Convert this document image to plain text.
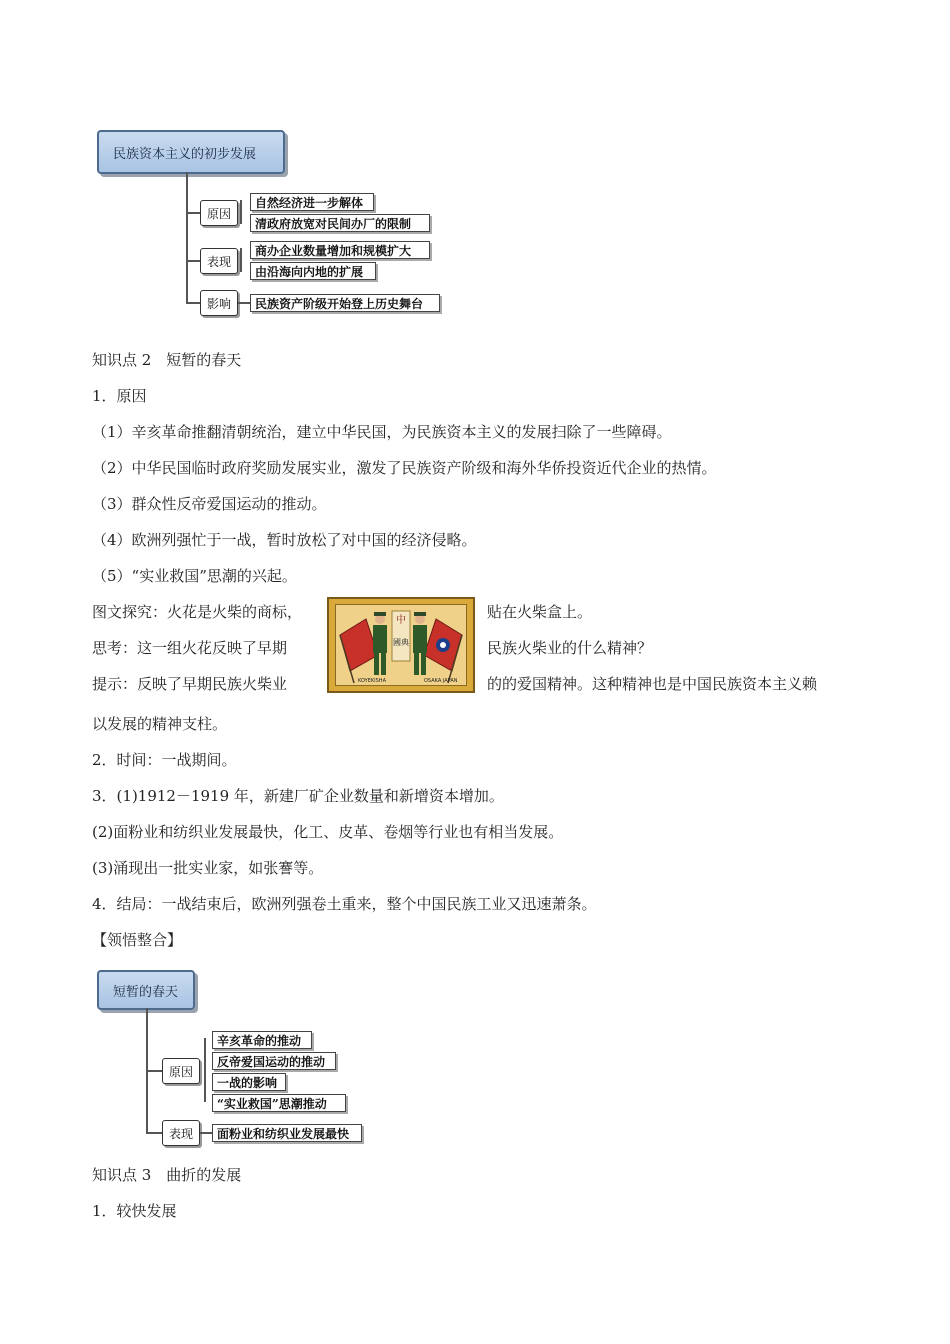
民族资本主义的初步发展
原因
表现
影响
自然经济进一步解体
清政府放宽对民间办厂的限制
商办企业数量增加和规模扩大
由沿海向内地的扩展
民族资产阶级开始登上历史舞台
知识点 2　短暂的春天
1．原因
（1）辛亥革命推翻清朝统治，建立中华民国，为民族资本主义的发展扫除了一些障碍。
（2）中华民国临时政府奖励发展实业，激发了民族资产阶级和海外华侨投资近代企业的热情。
（3）群众性反帝爱国运动的推动。
（4）欧洲列强忙于一战，暂时放松了对中国的经济侵略。
（5）“实业救国”思潮的兴起。
图文探究：火花是火柴的商标，	贴在火柴盒上。
思考：这一组火花反映了早期	民族火柴业的什么精神？
提示：反映了早期民族火柴业	的的爱国精神。这种精神也是中国民族资本主义赖
以发展的精神支柱。
中
國典
KOYEKISHA	OSAKA JAPAN
2．时间：一战期间。
3．(1)1912－1919 年，新建厂矿企业数量和新增资本增加。
(2)面粉业和纺织业发展最快，化工、皮革、卷烟等行业也有相当发展。
(3)涌现出一批实业家，如张謇等。
4．结局：一战结束后，欧洲列强卷土重来，整个中国民族工业又迅速萧条。
【领悟整合】
短暂的春天
原因
表现
辛亥革命的推动
反帝爱国运动的推动
一战的影响
“实业救国”思潮推动
面粉业和纺织业发展最快
知识点 3　曲折的发展
1．较快发展
